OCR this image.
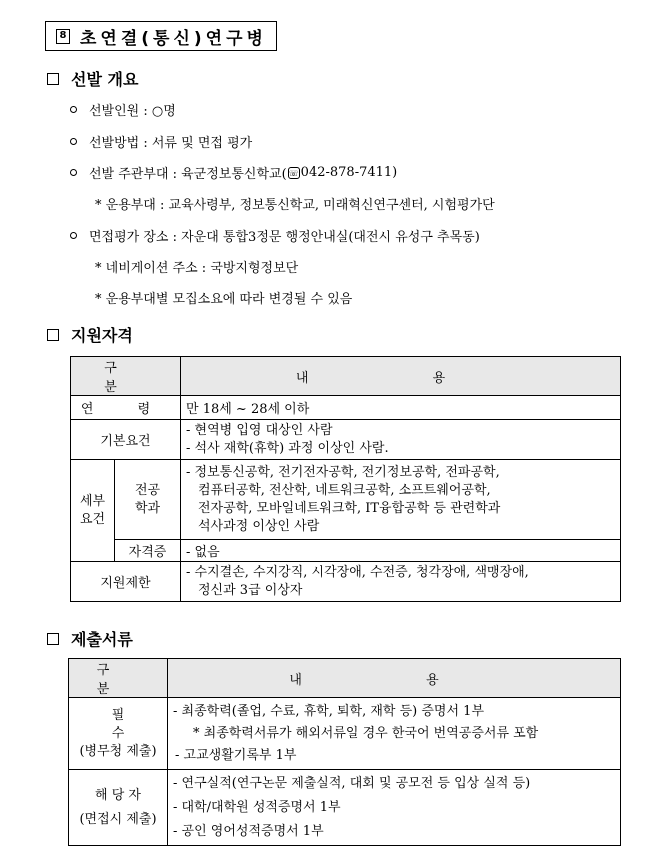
8 초연결(통신)연구병
선발 개요
선발인원 : ○명
선발방법 : 서류 및 면접 평가
선발 주관부대 : 육군정보통신학교( ☏ 042-878-7411)
* 운용부대 : 교육사령부, 정보통신학교, 미래혁신연구센터, 시험평가단
면접평가 장소 : 자운대 통합3정문 행정안내실(대전시 유성구 추목동)
* 네비게이션 주소 : 국방지형정보단
* 운용부대별 모집소요에 따라 변경될 수 있음
지원자격
구 분		내 용
연 령		만 18세 ~ 28세 이하
기본요건		- 현역병 입영 대상인 사람
- 석사 재학(휴학) 과정 이상인 사람.

세부
요건	전공
학과	- 정보통신공학, 전기전자공학, 전기정보공학, 전파공학,
컴퓨터공학, 전산학, 네트워크공학, 소프트웨어공학,
전자공학, 모바일네트워크학, IT융합공학 등 관련학과
석사과정 이상인 사람

	자격증	- 없음
지원제한		- 수지결손, 수지강직, 시각장애, 수전증, 청각장애, 색맹장애,
정신과 3급 이상자
제출서류
구 분	내 용

필 수
(병무청 제출)	- 최종학력(졸업, 수료, 휴학, 퇴학, 재학 등) 증명서 1부
* 최종학력서류가 해외서류일 경우 한국어 번역공증서류 포함
- 고교생활기록부 1부

해 당 자
(면접시 제출)	- 연구실적(연구논문 제출실적, 대회 및 공모전 등 입상 실적 등)
- 대학/대학원 성적증명서 1부
- 공인 영어성적증명서 1부
